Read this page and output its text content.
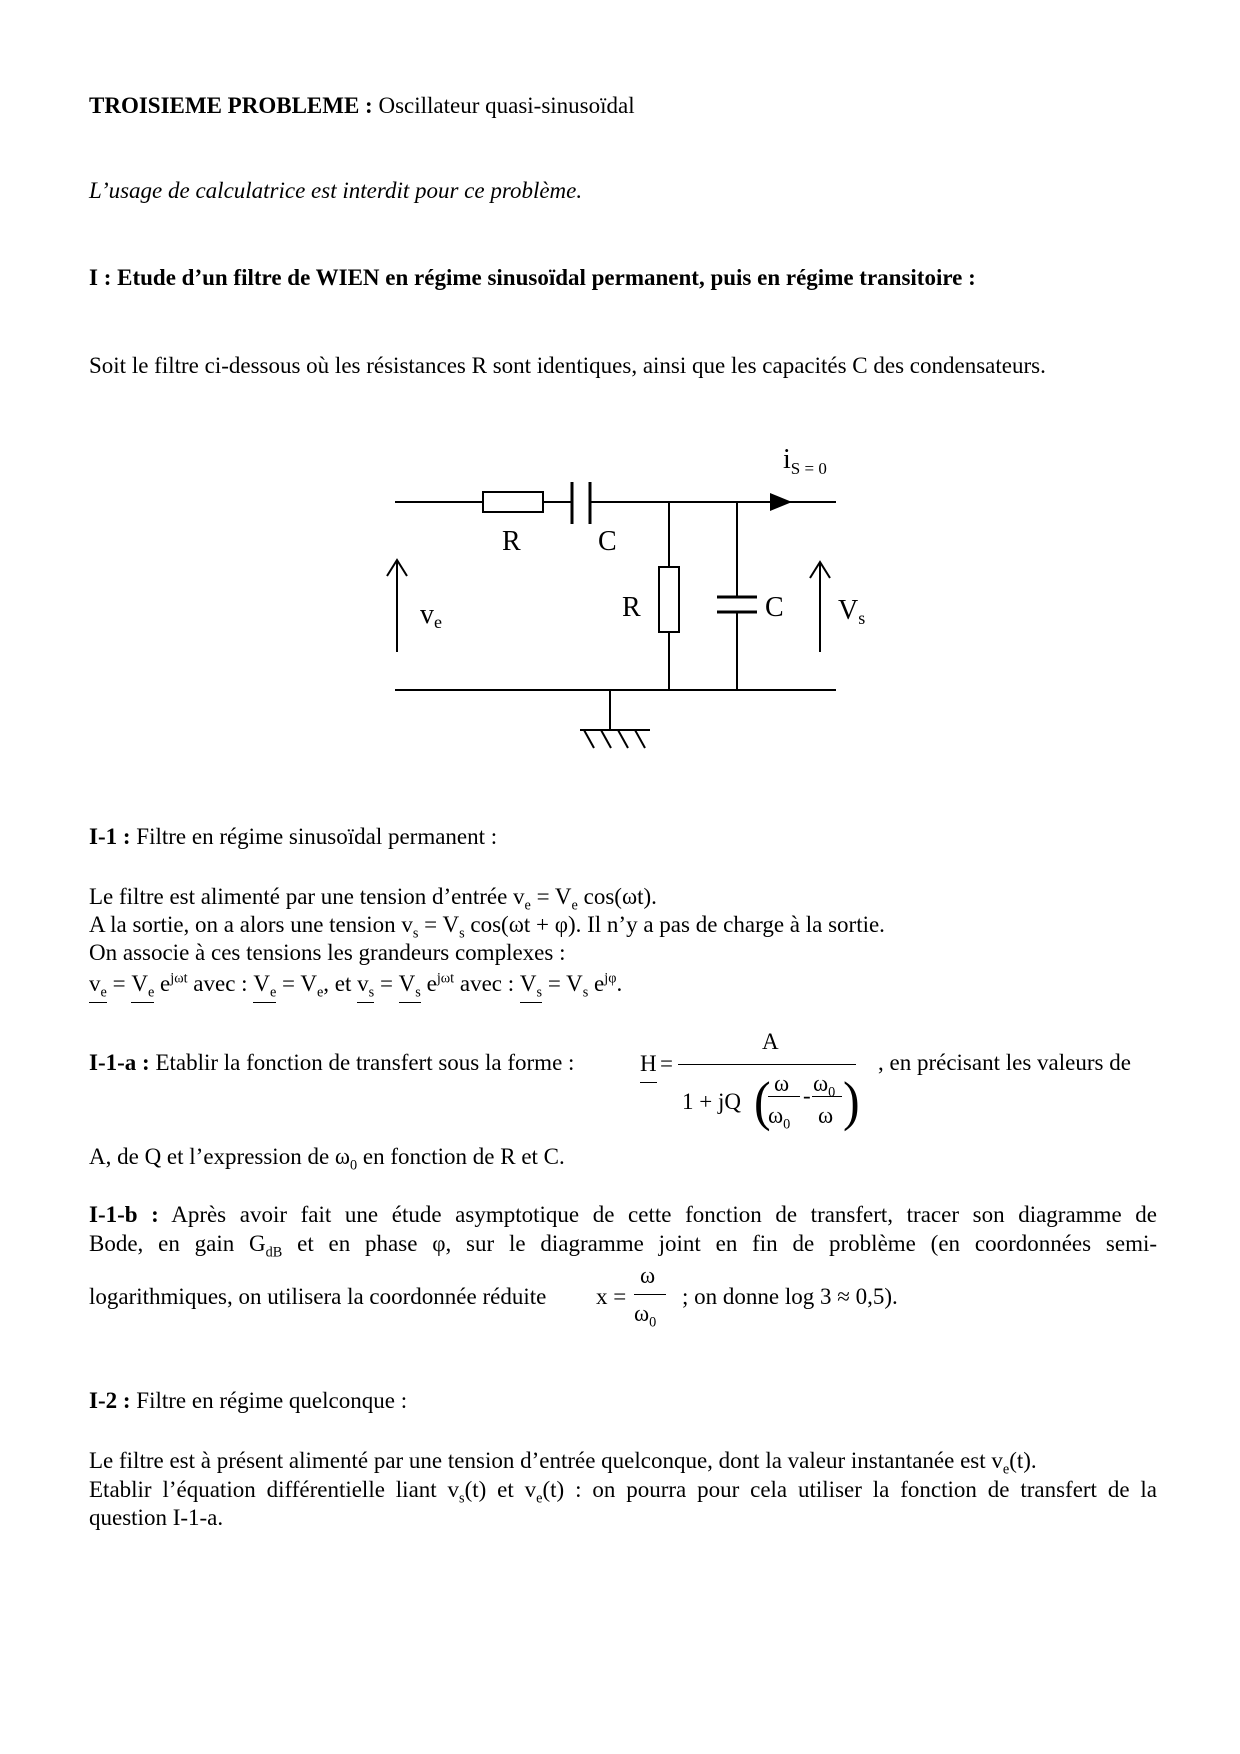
TROISIEME PROBLEME : Oscillateur quasi-sinusoïdal
L’usage de calculatrice est interdit pour ce problème.
I : Etude d’un filtre de WIEN en régime sinusoïdal permanent, puis en régime transitoire :
Soit le filtre ci-dessous où les résistances R sont identiques, ainsi que les capacités C des condensateurs.
$i_{S = 0}$
R	C
R	C
ve	Vs
I-1 : Filtre en régime sinusoïdal permanent :
Le filtre est alimenté par une tension d’entrée $v_e = V_e$ cos(ωt).
A la sortie, on a alors une tension $v_s = V_s$ cos(ωt + φ). Il n’y a pas de charge à la sortie.
On associe à ces tensions les grandeurs complexes :
$v_e = V_e$ $e^{j\omega t}$ avec : $V_e = V_e$, et $v_s = V_s$ $e^{j\omega t}$ avec : $V_s = V_s$ $e^{j\varphi}$.
I-1-a : Etablir la fonction de transfert sous la forme :	H =
A
1 + jQ ( )
ω
$\omega_0$
- $\omega_0$
ω
, en précisant les valeurs de
A, de Q et l’expression de $\omega_0$ en fonction de R et C.
I-1-b : Après avoir fait une étude asymptotique de cette fonction de transfert, tracer son diagramme de
Bode, en gain $G_{dB}$ et en phase φ, sur le diagramme joint en fin de problème (en coordonnées semi-
logarithmiques, on utilisera la coordonnée réduite x =
ω
$\omega_0$
; on donne log 3 ≈ 0,5).
I-2 : Filtre en régime quelconque :
Le filtre est à présent alimenté par une tension d’entrée quelconque, dont la valeur instantanée est $v_e(t)$.
Etablir l’équation différentielle liant $v_s(t)$ et $v_e(t)$ : on pourra pour cela utiliser la fonction de transfert de la
question I-1-a.
